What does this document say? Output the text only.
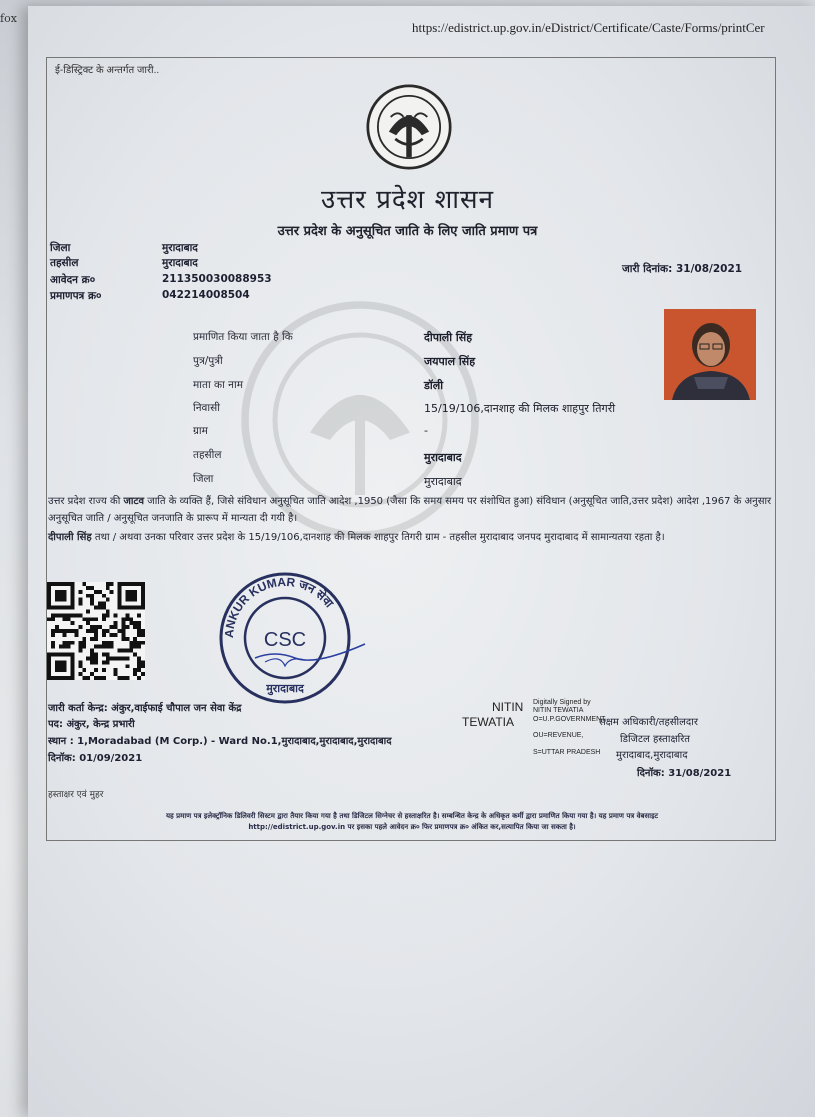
fox
https://edistrict.up.gov.in/eDistrict/Certificate/Caste/Forms/printCer
ई-डिस्ट्रिक्ट के अन्तर्गत जारी..
उत्तर प्रदेश शासन
उत्तर प्रदेश के अनुसूचित जाति के लिए जाति प्रमाण पत्र
जिला	मुरादाबाद
तहसील	मुरादाबाद
आवेदन क्र०	211350030088953
प्रमाणपत्र क्र०	042214008504
जारी दिनांक: 31/08/2021
प्रमाणित किया जाता है कि	दीपाली सिंह
पुत्र/पुत्री	जयपाल सिंह
माता का नाम	डॉली
निवासी	15/19/106,दानशाह की मिलक शाहपुर तिगरी
ग्राम	-
तहसील	मुरादाबाद
जिला	मुरादाबाद
उत्तर प्रदेश राज्य की जाटव जाति के व्यक्ति हैं, जिसे संविधान अनुसूचित जाति आदेश ,1950 (जैसा कि समय समय पर संशोधित हुआ) संविधान (अनुसूचित जाति,उत्तर प्रदेश) आदेश ,1967 के अनुसार अनुसूचित जाति / अनुसूचित जनजाति के प्रारूप में मान्यता दी गयी है।
दीपाली सिंह तथा / अथवा उनका परिवार उत्तर प्रदेश के 15/19/106,दानशाह की मिलक शाहपुर तिगरी ग्राम - तहसील मुरादाबाद जनपद मुरादाबाद में सामान्यतया रहता है।
ANKUR KUMAR जन सेवा
CSC
मुरादाबाद
जारी कर्ता केन्द्र: अंकुर,वाईफाई चौपाल जन सेवा केंद्र
पद: अंकुर, केन्द्र प्रभारी
स्थान : 1,Moradabad (M Corp.) - Ward No.1,मुरादाबाद,मुरादाबाद,मुरादाबाद
दिनॉक: 01/09/2021
NITIN
TEWATIA
Digitally Signed by
NITIN TEWATIA
O=U.P.GOVERNMENT,
OU=REVENUE,
S=UTTAR PRADESH
सक्षम अधिकारी/तहसीलदार
डिजिटल हस्ताक्षरित
मुरादाबाद,मुरादाबाद
दिनॉक: 31/08/2021
हस्ताक्षर एवं मुहर
यह प्रमाण पत्र इलेक्ट्रॉनिक डिलिवरी सिस्टम द्वारा तैयार किया गया है तथा डिजिटल सिग्नेचर से हस्ताक्षरित है। सम्बन्धित केन्द्र के अधिकृत कर्मी द्वारा प्रमाणित किया गया है। यह प्रमाण पत्र वेबसाइट
http://edistrict.up.gov.in पर इसका पहले आवेदन क्र० फिर प्रमाणपत्र क्र० अंकित कर,सत्यापित किया जा सकता है।
